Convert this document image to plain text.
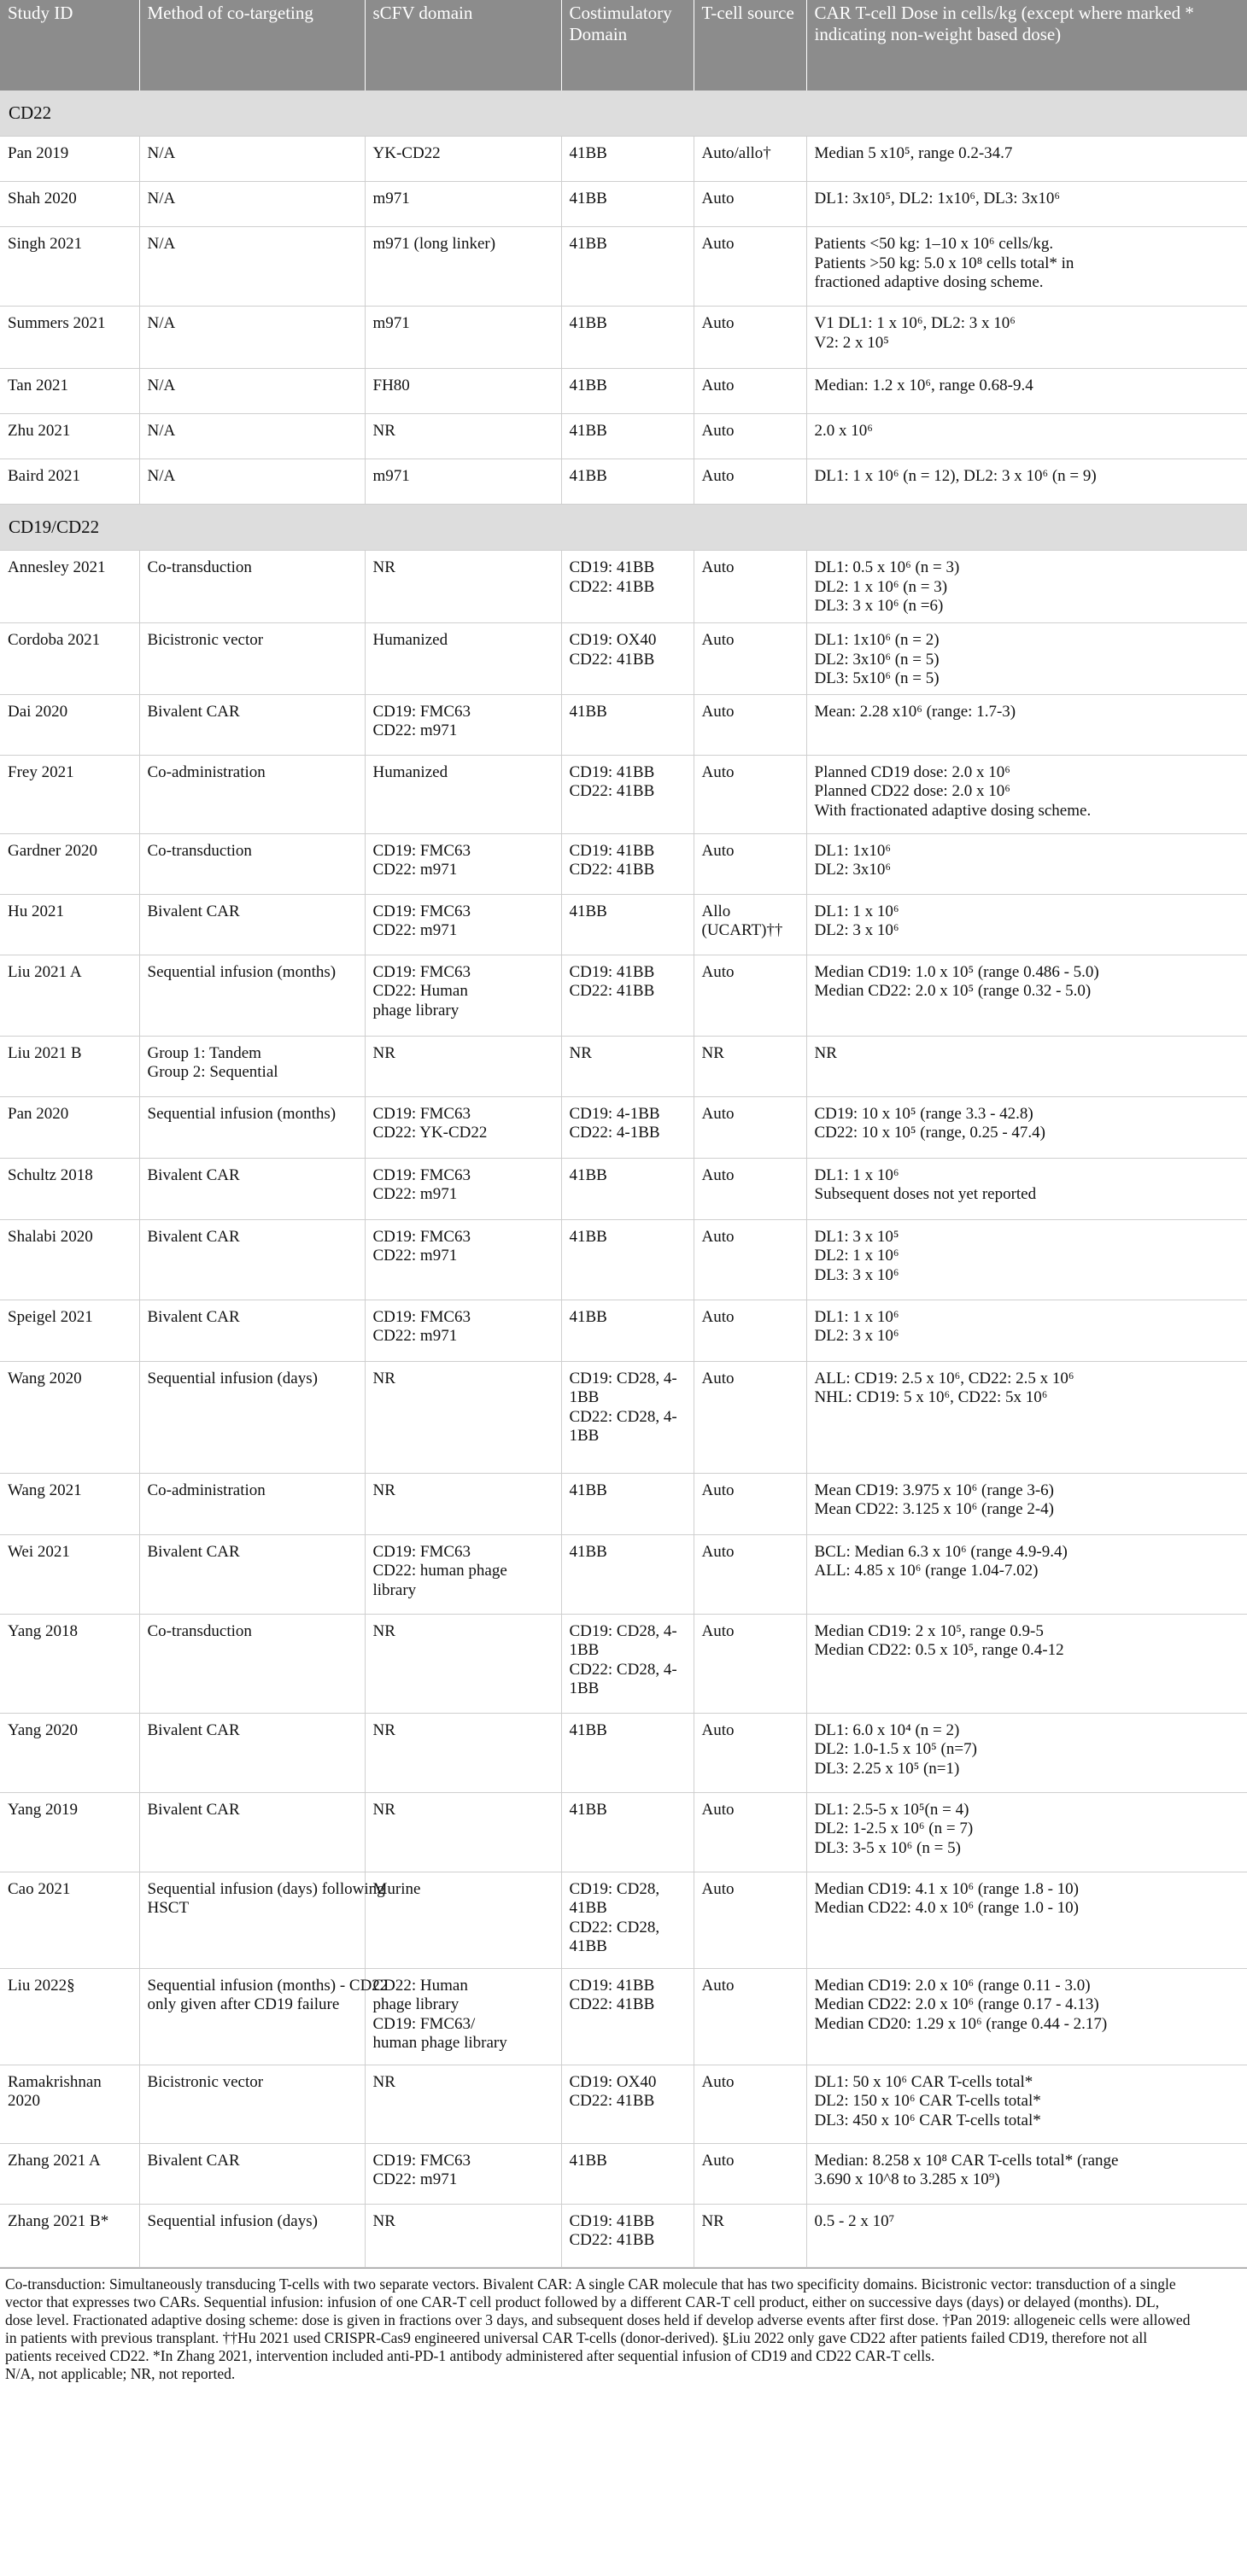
Study ID	Method of co-targeting	sCFV domain	Costimulatory Domain	T-cell source	CAR T-cell Dose in cells/kg (except where marked * indicating non-weight based dose)
CD22					

Pan 2019	N/A	YK-CD22	41BB	Auto/allo†	Median 5 x10⁵, range 0.2-34.7

Shah 2020	N/A	m971	41BB	Auto	DL1: 3x10⁵, DL2: 1x10⁶, DL3: 3x10⁶

Singh 2021	N/A	m971 (long linker)	41BB	Auto	Patients <50 kg: 1–10 x 10⁶ cells/kg.
Patients >50 kg: 5.0 x 10⁸ cells total* in
fractioned adaptive dosing scheme.

Summers 2021	N/A	m971	41BB	Auto	V1 DL1: 1 x 10⁶, DL2: 3 x 10⁶
V2: 2 x 10⁵

Tan 2021	N/A	FH80	41BB	Auto	Median: 1.2 x 10⁶, range 0.68-9.4

Zhu 2021	N/A	NR	41BB	Auto	2.0 x 10⁶

Baird 2021	N/A	m971	41BB	Auto	DL1: 1 x 10⁶ (n = 12), DL2: 3 x 10⁶ (n = 9)

CD19/CD22					

Annesley 2021	Co-transduction	NR	CD19: 41BB
CD22: 41BB	Auto	DL1: 0.5 x 10⁶ (n = 3)
DL2: 1 x 10⁶ (n = 3)
DL3: 3 x 10⁶ (n =6)

Cordoba 2021	Bicistronic vector	Humanized	CD19: OX40
CD22: 41BB	Auto	DL1: 1x10⁶ (n = 2)
DL2: 3x10⁶ (n = 5)
DL3: 5x10⁶ (n = 5)

Dai 2020	Bivalent CAR	CD19: FMC63
CD22: m971	41BB	Auto	Mean: 2.28 x10⁶ (range: 1.7-3)

Frey 2021	Co-administration	Humanized	CD19: 41BB
CD22: 41BB	Auto	Planned CD19 dose: 2.0 x 10⁶
Planned CD22 dose: 2.0 x 10⁶
With fractionated adaptive dosing scheme.

Gardner 2020	Co-transduction	CD19: FMC63
CD22: m971	CD19: 41BB
CD22: 41BB	Auto	DL1: 1x10⁶
DL2: 3x10⁶

Hu 2021	Bivalent CAR	CD19: FMC63
CD22: m971	41BB	Allo
(UCART)††	DL1: 1 x 10⁶
DL2: 3 x 10⁶

Liu 2021 A	Sequential infusion (months)	CD19: FMC63
CD22: Human
phage library	CD19: 41BB
CD22: 41BB	Auto	Median CD19: 1.0 x 10⁵ (range 0.486 - 5.0)
Median CD22: 2.0 x 10⁵ (range 0.32 - 5.0)

Liu 2021 B	Group 1: Tandem
Group 2: Sequential	NR	NR	NR	NR

Pan 2020	Sequential infusion (months)	CD19: FMC63
CD22: YK-CD22	CD19: 4-1BB
CD22: 4-1BB	Auto	CD19: 10 x 10⁵ (range 3.3 - 42.8)
CD22: 10 x 10⁵ (range, 0.25 - 47.4)

Schultz 2018	Bivalent CAR	CD19: FMC63
CD22: m971	41BB	Auto	DL1: 1 x 10⁶
Subsequent doses not yet reported

Shalabi 2020	Bivalent CAR	CD19: FMC63
CD22: m971	41BB	Auto	DL1: 3 x 10⁵
DL2: 1 x 10⁶
DL3: 3 x 10⁶

Speigel 2021	Bivalent CAR	CD19: FMC63
CD22: m971	41BB	Auto	DL1: 1 x 10⁶
DL2: 3 x 10⁶

Wang 2020	Sequential infusion (days)	NR	CD19: CD28, 4-
1BB
CD22: CD28, 4-
1BB	Auto	ALL: CD19: 2.5 x 10⁶, CD22: 2.5 x 10⁶
NHL: CD19: 5 x 10⁶, CD22: 5x 10⁶

Wang 2021	Co-administration	NR	41BB	Auto	Mean CD19: 3.975 x 10⁶ (range 3-6)
Mean CD22: 3.125 x 10⁶ (range 2-4)

Wei 2021	Bivalent CAR	CD19: FMC63
CD22: human phage
library	41BB	Auto	BCL: Median 6.3 x 10⁶ (range 4.9-9.4)
ALL: 4.85 x 10⁶ (range 1.04-7.02)

Yang 2018	Co-transduction	NR	CD19: CD28, 4-
1BB
CD22: CD28, 4-
1BB	Auto	Median CD19: 2 x 10⁵, range 0.9-5
Median CD22: 0.5 x 10⁵, range 0.4-12

Yang 2020	Bivalent CAR	NR	41BB	Auto	DL1: 6.0 x 10⁴ (n = 2)
DL2: 1.0-1.5 x 10⁵ (n=7)
DL3: 2.25 x 10⁵ (n=1)

Yang 2019	Bivalent CAR	NR	41BB	Auto	DL1: 2.5-5 x 10⁵(n = 4)
DL2: 1-2.5 x 10⁶ (n = 7)
DL3: 3-5 x 10⁶ (n = 5)

Cao 2021	Sequential infusion (days) following
HSCT	Murine	CD19: CD28,
41BB
CD22: CD28,
41BB	Auto	Median CD19: 4.1 x 10⁶ (range 1.8 - 10)
Median CD22: 4.0 x 10⁶ (range 1.0 - 10)

Liu 2022§	Sequential infusion (months) - CD22
only given after CD19 failure	CD22: Human
phage library
CD19: FMC63/
human phage library	CD19: 41BB
CD22: 41BB	Auto	Median CD19: 2.0 x 10⁶ (range 0.11 - 3.0)
Median CD22: 2.0 x 10⁶ (range 0.17 - 4.13)
Median CD20: 1.29 x 10⁶ (range 0.44 - 2.17)

Ramakrishnan
2020	Bicistronic vector	NR	CD19: OX40
CD22: 41BB	Auto	DL1: 50 x 10⁶ CAR T-cells total*
DL2: 150 x 10⁶ CAR T-cells total*
DL3: 450 x 10⁶ CAR T-cells total*

Zhang 2021 A	Bivalent CAR	CD19: FMC63
CD22: m971	41BB	Auto	Median: 8.258 x 10⁸ CAR T-cells total* (range
3.690 x 10^8 to 3.285 x 10⁹)

Zhang 2021 B*	Sequential infusion (days)	NR	CD19: 41BB
CD22: 41BB	NR	0.5 - 2 x 10⁷
Co-transduction: Simultaneously transducing T-cells with two separate vectors. Bivalent CAR: A single CAR molecule that has two specificity domains. Bicistronic vector: transduction of a single
vector that expresses two CARs. Sequential infusion: infusion of one CAR-T cell product followed by a different CAR-T cell product, either on successive days (days) or delayed (months). DL,
dose level. Fractionated adaptive dosing scheme: dose is given in fractions over 3 days, and subsequent doses held if develop adverse events after first dose. †Pan 2019: allogeneic cells were allowed
in patients with previous transplant. ††Hu 2021 used CRISPR-Cas9 engineered universal CAR T-cells (donor-derived). §Liu 2022 only gave CD22 after patients failed CD19, therefore not all
patients received CD22. *In Zhang 2021, intervention included anti-PD-1 antibody administered after sequential infusion of CD19 and CD22 CAR-T cells.
N/A, not applicable; NR, not reported.
